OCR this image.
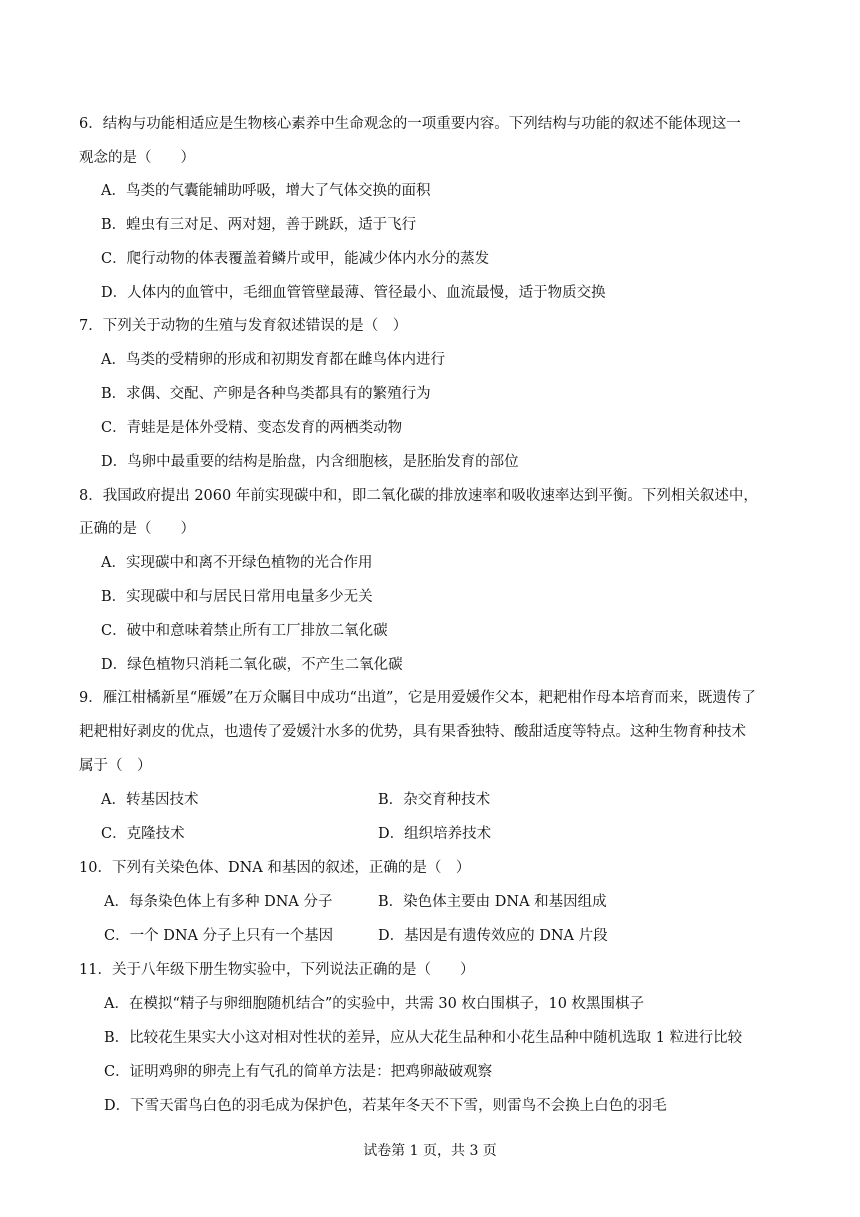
6．结构与功能相适应是生物核心素养中生命观念的一项重要内容。下列结构与功能的叙述不能体现这一
观念的是（　　）
A．鸟类的气囊能辅助呼吸，增大了气体交换的面积
B．蝗虫有三对足、两对翅，善于跳跃，适于飞行
C．爬行动物的体表覆盖着鳞片或甲，能减少体内水分的蒸发
D．人体内的血管中，毛细血管管壁最薄、管径最小、血流最慢，适于物质交换
7．下列关于动物的生殖与发育叙述错误的是（　）
A．鸟类的受精卵的形成和初期发育都在雌鸟体内进行
B．求偶、交配、产卵是各种鸟类都具有的繁殖行为
C．青蛙是是体外受精、变态发育的两栖类动物
D．鸟卵中最重要的结构是胎盘，内含细胞核，是胚胎发育的部位
8．我国政府提出 2060 年前实现碳中和，即二氧化碳的排放速率和吸收速率达到平衡。下列相关叙述中，
正确的是（　　）
A．实现碳中和离不开绿色植物的光合作用
B．实现碳中和与居民日常用电量多少无关
C．破中和意味着禁止所有工厂排放二氧化碳
D．绿色植物只消耗二氧化碳，不产生二氧化碳
9．雁江柑橘新星“雁媛”在万众瞩目中成功“出道”，它是用爱媛作父本，耙耙柑作母本培育而来，既遗传了
耙耙柑好剥皮的优点，也遗传了爱媛汁水多的优势，具有果香独特、酸甜适度等特点。这种生物育种技术
属于（　）
A．转基因技术	B．杂交育种技术
C．克隆技术	D．组织培养技术
10．下列有关染色体、DNA 和基因的叙述，正确的是（　）
A．每条染色体上有多种 DNA 分子	B．染色体主要由 DNA 和基因组成
C．一个 DNA 分子上只有一个基因	D．基因是有遗传效应的 DNA 片段
11．关于八年级下册生物实验中，下列说法正确的是（　　）
A．在模拟“精子与卵细胞随机结合”的实验中，共需 30 枚白围棋子，10 枚黑围棋子
B．比较花生果实大小这对相对性状的差异，应从大花生品种和小花生品种中随机选取 1 粒进行比较
C．证明鸡卵的卵壳上有气孔的简单方法是：把鸡卵敲破观察
D．下雪天雷鸟白色的羽毛成为保护色，若某年冬天不下雪，则雷鸟不会换上白色的羽毛
试卷第 1 页，共 3 页
